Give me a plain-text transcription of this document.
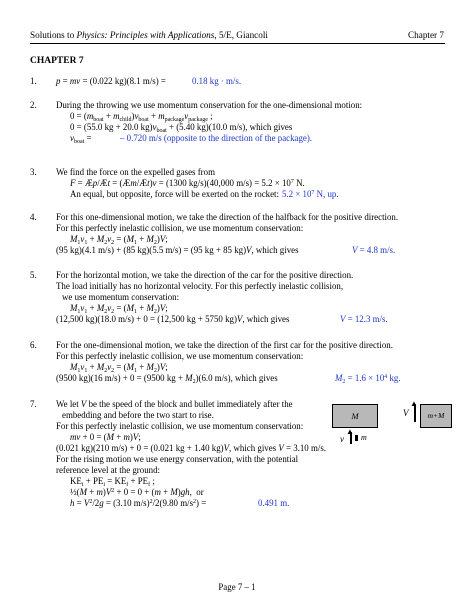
Solutions to Physics: Principles with Applications, 5/E, Giancoli	Chapter 7
CHAPTER 7
1. p = mv = (0.022 kg)(8.1 m/s) =	0.18 kg · m/s.
2. During the throwing we use momentum conservation for the one-dimensional motion:
$0 = (m_{boat} + m_{child})v_{boat} + m_{package}v_{package}$ ;
0 = (55.0 kg + 20.0 $kg)v_{boat} + (5.40$ kg)(10.0 m/s), which gives
$v_{boat}$ =	– 0.720 m/s (opposite to the direction of the package).
3. We find the force on the expelled gases from
F = Æp/Æt = (Æm/Æt)v = (1300 kg/s)(40,000 $m/s) = 5.2 \times 10^7$ N.
An equal, but opposite, force will be exerted on the rocket: $5.2 \times 10^7$ N, up.
4. For this one-dimensional motion, we take the direction of the halfback for the positive direction.
For this perfectly inelastic collision, we use momentum conservation:
$M_1v_1 + M_2v_2 = (M_1 + M_2)V$;
(95 kg)(4.1 m/s) + (85 kg)(5.5 m/s) = (95 kg + 85 kg)V, which gives	V = 4.8 m/s.
5. For the horizontal motion, we take the direction of the car for the positive direction.
The load initially has no horizontal velocity. For this perfectly inelastic collision,
we use momentum conservation:
$M_1v_1 + M_2v_2 = (M_1 + M_2)V$;
(12,500 kg)(18.0 m/s) + 0 = (12,500 kg + 5750 kg)V, which gives	V = 12.3 m/s.
6. For the one-dimensional motion, we take the direction of the first car for the positive direction.
For this perfectly inelastic collision, we use momentum conservation:
$M_1v_1 + M_2v_2 = (M_1 + M_2)V$;
(9500 kg)(16 m/s) + 0 = (9500 kg + $M_2)(6.0$ m/s), which gives	$M_2 = 1.6 \times 10^4$ kg.
7. We let V be the speed of the block and bullet immediately after the
embedding and before the two start to rise.
For this perfectly inelastic collision, we use momentum conservation:
mv + 0 = (M + m)V;
(0.021 kg)(210 m/s) + 0 = (0.021 kg + 1.40 kg)V, which gives V = 3.10 m/s.
For the rising motion we use energy conservation, with the potential
reference level at the ground:
$KE_i + PE_i = KE_f + PE_f$ ;
½(M + $m)V^2 + 0 = 0 + (m + M)gh$,  or
$h = V^2/2g = (3.10$ m/s)$^2$/2(9.80 $m/s^2$) =	0.491 m.
M	V
▲
m+M
v
▲
m
Page 7 – 1
